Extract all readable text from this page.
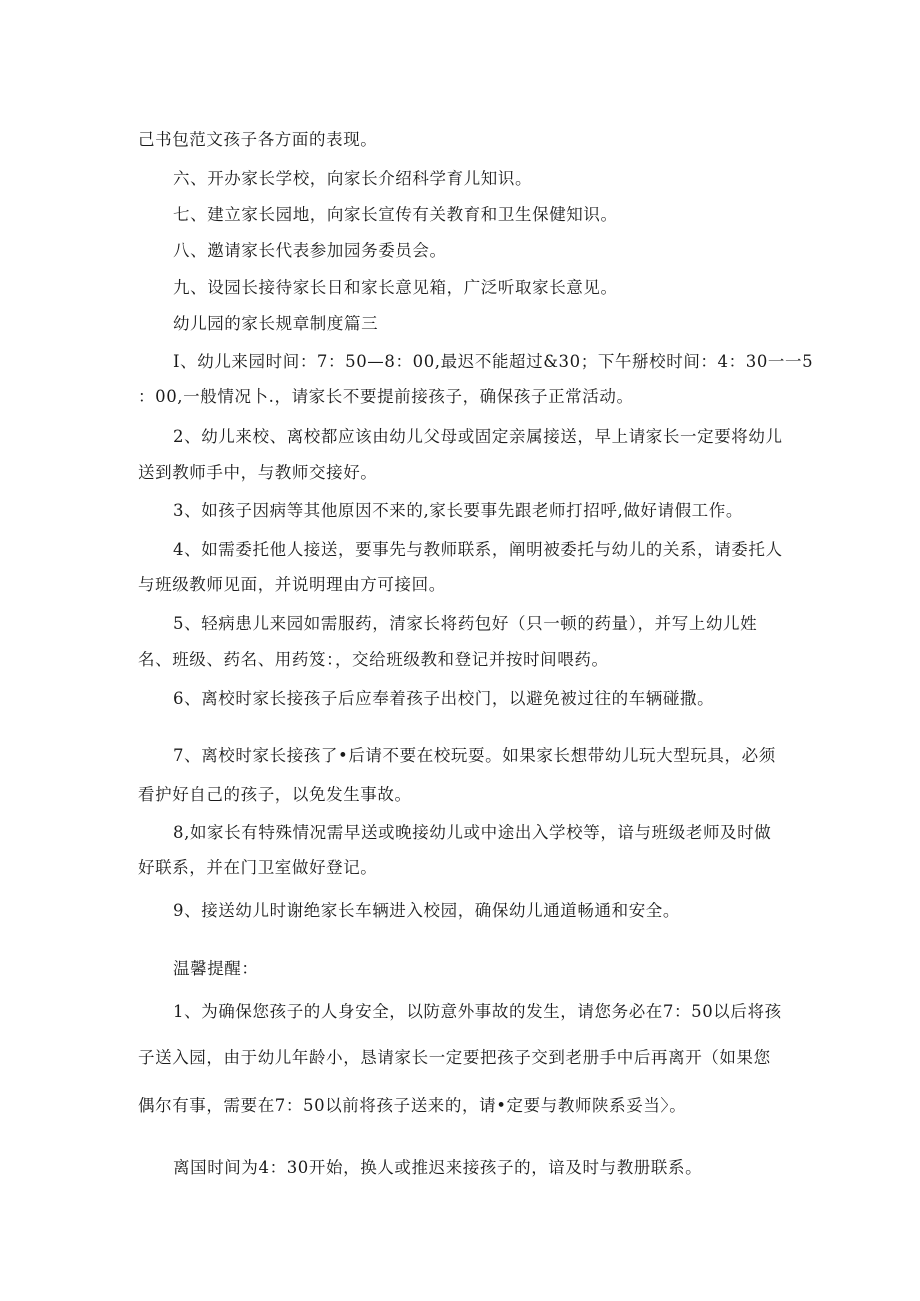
己书包范文孩子各方面的表现。
六、开办家长学校，向家长介绍科学育儿知识。
七、建立家长园地，向家长宣传有关教育和卫生保健知识。
八、邀请家长代表参加园务委员会。
九、设园长接待家长日和家长意见箱，广泛听取家长意见。
幼儿园的家长规章制度篇三
I、幼儿来园时间：7：50—8：00,最迟不能超过&30；下午掰校时间：4：30一一5
：00,一般情况卜.，请家长不要提前接孩子，确保孩子正常活动。
2、幼儿来校、离校都应该由幼儿父母或固定亲属接送，早上请家长一定要将幼儿
送到教师手中，与教师交接好。
3、如孩子因病等其他原因不来的,家长要事先跟老师打招呼,做好请假工作。
4、如需委托他人接送，要事先与教师联系，阐明被委托与幼儿的关系，请委托人
与班级教师见面，并说明理由方可接回。
5、轻病患儿来园如需服药，清家长将药包好（只一顿的药量），并写上幼儿姓
名、班级、药名、用药笈：，交给班级教和登记并按时间喂药。
6、离校时家长接孩子后应奉着孩子出校门，以避免被过往的车辆碰撒。
7、离校时家长接孩了•后请不要在校玩耍。如果家长想带幼儿玩大型玩具，必须
看护好自己的孩子，以免发生事故。
8,如家长有特殊情况需早送或晚接幼儿或中途出入学校等，谙与班级老师及时做
好联系，并在门卫室做好登记。
9、接送幼儿时谢绝家长车辆进入校园，确保幼儿通道畅通和安全。
温馨提醒：
1、为确保您孩子的人身安全，以防意外事故的发生，请您务必在7：50以后将孩
子送入园，由于幼儿年龄小，恳请家长一定要把孩子交到老册手中后再离开（如果您
偶尔有事，需要在7：50以前将孩子送来的，请•定要与教师陕系妥当〉。
离国时间为4：30开始，换人或推迟来接孩子的，谙及时与教册联系。
